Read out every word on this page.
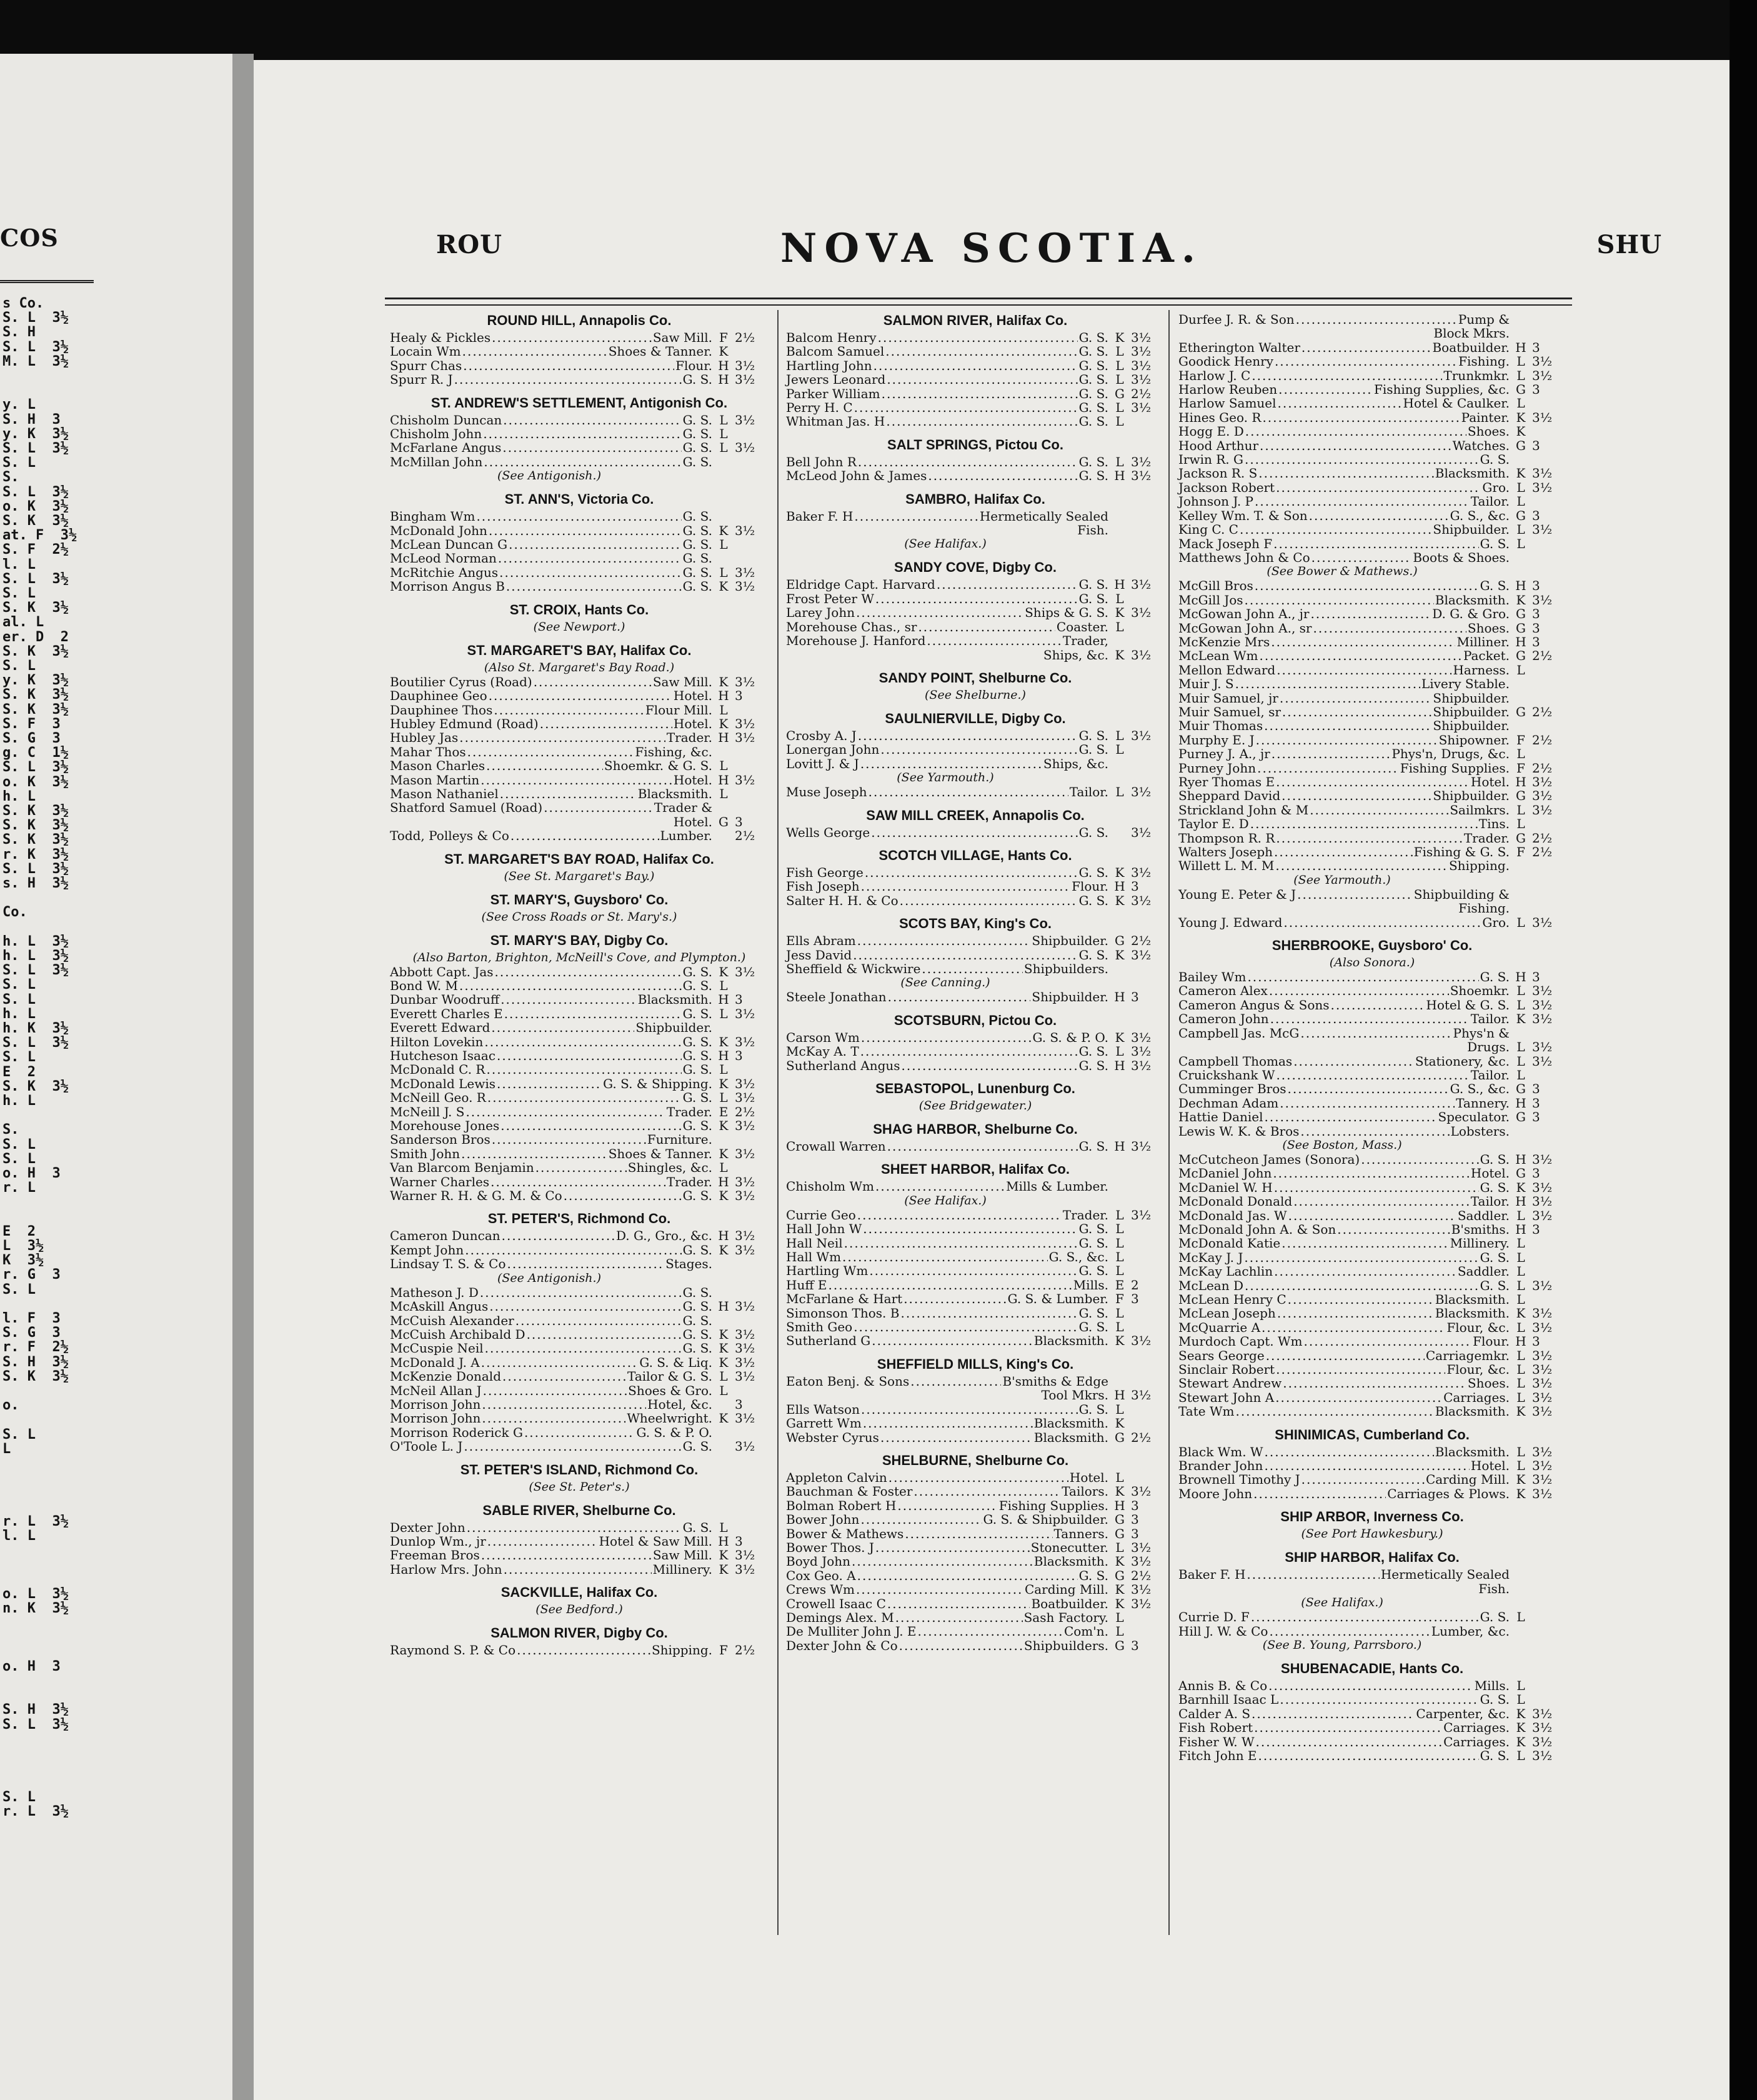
COS
s Co.
S. L  3½
S. H
S. L  3½
M. L  3½
y. L
S. H  3
y. K  3½
S. L  3½
S. L
S.
S. L  3½
o. K  3½
S. K  3½
at. F  3½
S. F  2½
l. L
S. L  3½
S. L
S. K  3½
al. L
er. D  2
S. K  3½
S. L
y. K  3½
S. K  3½
S. K  3½
S. F  3
S. G  3
g. C  1½
S. L  3½
o. K  3½
h. L
S. K  3½
S. K  3½
S. K  3½
r. K  3½
S. L  3½
s. H  3½
Co.
h. L  3½
h. L  3½
S. L  3½
S. L
S. L
h. L
h. K  3½
S. L  3½
S. L
E  2
S. K  3½
h. L
S.
S. L
S. L
o. H  3
r. L
E  2
L  3½
K  3½
r. G  3
S. L
l. F  3
S. G  3
r. F  2½
S. H  3½
S. K  3½
o.
S. L
L
r. L  3½
l. L
o. L  3½
n. K  3½
o. H  3
S. H  3½
S. L  3½
S. L
r. L  3½
ROU	NOVA SCOTIA.	SHU
ROUND HILL, Annapolis Co.
Healy & Pickles .....	Saw Mill. F 2½
Locain Wm .....	Shoes & Tanner. K
Spurr Chas .....	Flour. H 3½
Spurr R. J .....	G. S. H 3½
ST. ANDREW'S SETTLEMENT, Antigonish Co.
Chisholm Duncan .....	G. S. L 3½
Chisholm John .....	G. S. L
McFarlane Angus .....	G. S. L 3½
McMillan John .....	G. S.
(See Antigonish.)
ST. ANN'S, Victoria Co.
Bingham Wm .....	G. S.
McDonald John .....	G. S. K 3½
McLean Duncan G .....	G. S. L
McLeod Norman .....	G. S.
McRitchie Angus .....	G. S. L 3½
Morrison Angus B .....	G. S. K 3½
ST. CROIX, Hants Co.
(See Newport.)
ST. MARGARET'S BAY, Halifax Co.
(Also St. Margaret's Bay Road.)
Boutilier Cyrus (Road) .....	Saw Mill. K 3½
Dauphinee Geo .....	Hotel. H 3
Dauphinee Thos .....	Flour Mill. L
Hubley Edmund (Road) .....	Hotel. K 3½
Hubley Jas .....	Trader. H 3½
Mahar Thos .....	Fishing, &c.
Mason Charles .....	Shoemkr. & G. S. L
Mason Martin .....	Hotel. H 3½
Mason Nathaniel .....	Blacksmith. L
Shatford Samuel (Road) .....	Trader &
Hotel. G 3
Todd, Polleys & Co .....	Lumber. 2½
ST. MARGARET'S BAY ROAD, Halifax Co.
(See St. Margaret's Bay.)
ST. MARY'S, Guysboro' Co.
(See Cross Roads or St. Mary's.)
ST. MARY'S BAY, Digby Co.
(Also Barton, Brighton, McNeill's Cove, and Plympton.)
Abbott Capt. Jas .....	G. S. K 3½
Bond W. M .....	G. S. L
Dunbar Woodruff .....	Blacksmith. H 3
Everett Charles E .....	G. S. L 3½
Everett Edward .....	Shipbuilder.
Hilton Lovekin .....	G. S. K 3½
Hutcheson Isaac .....	G. S. H 3
McDonald C. R .....	G. S. L
McDonald Lewis .....	G. S. & Shipping. K 3½
McNeill Geo. R .....	G. S. L 3½
McNeill J. S .....	Trader. E 2½
Morehouse Jones .....	G. S. K 3½
Sanderson Bros .....	Furniture.
Smith John .....	Shoes & Tanner. K 3½
Van Blarcom Benjamin .....	Shingles, &c. L
Warner Charles .....	Trader. H 3½
Warner R. H. & G. M. & Co .....	G. S. K 3½
ST. PETER'S, Richmond Co.
Cameron Duncan .....	D. G., Gro., &c. H 3½
Kempt John .....	G. S. K 3½
Lindsay T. S. & Co .....	Stages.
(See Antigonish.)
Matheson J. D .....	G. S.
McAskill Angus .....	G. S. H 3½
McCuish Alexander .....	G. S.
McCuish Archibald D .....	G. S. K 3½
McCuspie Neil .....	G. S. K 3½
McDonald J. A .....	G. S. & Liq. K 3½
McKenzie Donald .....	Tailor & G. S. L 3½
McNeil Allan J .....	Shoes & Gro. L
Morrison John .....	Hotel, &c. 3
Morrison John .....	Wheelwright. K 3½
Morrison Roderick G .....	G. S. & P. O.
O'Toole L. J .....	G. S. 3½
ST. PETER'S ISLAND, Richmond Co.
(See St. Peter's.)
SABLE RIVER, Shelburne Co.
Dexter John .....	G. S. L
Dunlop Wm., jr .....	Hotel & Saw Mill. H 3
Freeman Bros .....	Saw Mill. K 3½
Harlow Mrs. John .....	Millinery. K 3½
SACKVILLE, Halifax Co.
(See Bedford.)
SALMON RIVER, Digby Co.
Raymond S. P. & Co .....	Shipping. F 2½
SALMON RIVER, Halifax Co.
Balcom Henry .....	G. S. K 3½
Balcom Samuel .....	G. S. L 3½
Hartling John .....	G. S. L 3½
Jewers Leonard .....	G. S. L 3½
Parker William .....	G. S. G 2½
Perry H. C .....	G. S. L 3½
Whitman Jas. H .....	G. S. L
SALT SPRINGS, Pictou Co.
Bell John R .....	G. S. L 3½
McLeod John & James .....	G. S. H 3½
SAMBRO, Halifax Co.
Baker F. H .....	Hermetically Sealed
Fish.
(See Halifax.)
SANDY COVE, Digby Co.
Eldridge Capt. Harvard .....	G. S. H 3½
Frost Peter W .....	G. S. L
Larey John .....	Ships & G. S. K 3½
Morehouse Chas., sr .....	Coaster. L
Morehouse J. Hanford .....	Trader,
Ships, &c. K 3½
SANDY POINT, Shelburne Co.
(See Shelburne.)
SAULNIERVILLE, Digby Co.
Crosby A. J .....	G. S. L 3½
Lonergan John .....	G. S. L
Lovitt J. & J .....	Ships, &c.
(See Yarmouth.)
Muse Joseph .....	Tailor. L 3½
SAW MILL CREEK, Annapolis Co.
Wells George .....	G. S. 3½
SCOTCH VILLAGE, Hants Co.
Fish George .....	G. S. K 3½
Fish Joseph .....	Flour. H 3
Salter H. H. & Co .....	G. S. K 3½
SCOTS BAY, King's Co.
Ells Abram .....	Shipbuilder. G 2½
Jess David .....	G. S. K 3½
Sheffield & Wickwire .....	Shipbuilders.
(See Canning.)
Steele Jonathan .....	Shipbuilder. H 3
SCOTSBURN, Pictou Co.
Carson Wm .....	G. S. & P. O. K 3½
McKay A. T .....	G. S. L 3½
Sutherland Angus .....	G. S. H 3½
SEBASTOPOL, Lunenburg Co.
(See Bridgewater.)
SHAG HARBOR, Shelburne Co.
Crowall Warren .....	G. S. H 3½
SHEET HARBOR, Halifax Co.
Chisholm Wm .....	Mills & Lumber.
(See Halifax.)
Currie Geo .....	Trader. L 3½
Hall John W .....	G. S. L
Hall Neil .....	G. S. L
Hall Wm .....	G. S., &c. L
Hartling Wm .....	G. S. L
Huff E .....	Mills. E 2
McFarlane & Hart .....	G. S. & Lumber. F 3
Simonson Thos. B .....	G. S. L
Smith Geo .....	G. S. L
Sutherland G .....	Blacksmith. K 3½
SHEFFIELD MILLS, King's Co.
Eaton Benj. & Sons .....	B'smiths & Edge
Tool Mkrs. H 3½
Ells Watson .....	G. S. L
Garrett Wm .....	Blacksmith. K
Webster Cyrus .....	Blacksmith. G 2½
SHELBURNE, Shelburne Co.
Appleton Calvin .....	Hotel. L
Bauchman & Foster .....	Tailors. K 3½
Bolman Robert H .....	Fishing Supplies. H 3
Bower John .....	G. S. & Shipbuilder. G 3
Bower & Mathews .....	Tanners. G 3
Bower Thos. J .....	Stonecutter. L 3½
Boyd John .....	Blacksmith. K 3½
Cox Geo. A .....	G. S. G 2½
Crews Wm .....	Carding Mill. K 3½
Crowell Isaac C .....	Boatbuilder. K 3½
Demings Alex. M .....	Sash Factory. L
De Mulliter John J. E .....	Com'n. L
Dexter John & Co .....	Shipbuilders. G 3
Durfee J. R. & Son .....	Pump &
Block Mkrs.
Etherington Walter .....	Boatbuilder. H 3
Goodick Henry .....	Fishing. L 3½
Harlow J. C .....	Trunkmkr. L 3½
Harlow Reuben .....	Fishing Supplies, &c. G 3
Harlow Samuel .....	Hotel & Caulker. L
Hines Geo. R .....	Painter. K 3½
Hogg E. D .....	Shoes. K
Hood Arthur .....	Watches. G 3
Irwin R. G .....	G. S.
Jackson R. S .....	Blacksmith. K 3½
Jackson Robert .....	Gro. L 3½
Johnson J. P .....	Tailor. L
Kelley Wm. T. & Son .....	G. S., &c. G 3
King C. C .....	Shipbuilder. L 3½
Mack Joseph F .....	G. S. L
Matthews John & Co .....	Boots & Shoes.
(See Bower & Mathews.)
McGill Bros .....	G. S. H 3
McGill Jos .....	Blacksmith. K 3½
McGowan John A., jr .....	D. G. & Gro. G 3
McGowan John A., sr .....	Shoes. G 3
McKenzie Mrs .....	Milliner. H 3
McLean Wm .....	Packet. G 2½
Mellon Edward .....	Harness. L
Muir J. S .....	Livery Stable.
Muir Samuel, jr .....	Shipbuilder.
Muir Samuel, sr .....	Shipbuilder. G 2½
Muir Thomas .....	Shipbuilder.
Murphy E. J .....	Shipowner. F 2½
Purney J. A., jr .....	Phys'n, Drugs, &c. L
Purney John .....	Fishing Supplies. F 2½
Ryer Thomas E .....	Hotel. H 3½
Sheppard David .....	Shipbuilder. G 3½
Strickland John & M .....	Sailmkrs. L 3½
Taylor E. D .....	Tins. L
Thompson R. R .....	Trader. G 2½
Walters Joseph .....	Fishing & G. S. F 2½
Willett L. M. M .....	Shipping.
(See Yarmouth.)
Young E. Peter & J .....	Shipbuilding &
Fishing.
Young J. Edward .....	Gro. L 3½
SHERBROOKE, Guysboro' Co.
(Also Sonora.)
Bailey Wm .....	G. S. H 3
Cameron Alex .....	Shoemkr. L 3½
Cameron Angus & Sons .....	Hotel & G. S. L 3½
Cameron John .....	Tailor. K 3½
Campbell Jas. McG .....	Phys'n &
Drugs. L 3½
Campbell Thomas .....	Stationery, &c. L 3½
Cruickshank W .....	Tailor. L
Cumminger Bros .....	G. S., &c. G 3
Dechman Adam .....	Tannery. H 3
Hattie Daniel .....	Speculator. G 3
Lewis W. K. & Bros .....	Lobsters.
(See Boston, Mass.)
McCutcheon James (Sonora) .....	G. S. H 3½
McDaniel John .....	Hotel. G 3
McDaniel W. H .....	G. S. K 3½
McDonald Donald .....	Tailor. H 3½
McDonald Jas. W .....	Saddler. L 3½
McDonald John A. & Son .....	B'smiths. H 3
McDonald Katie .....	Millinery. L
McKay J. J .....	G. S. L
McKay Lachlin .....	Saddler. L
McLean D .....	G. S. L 3½
McLean Henry C .....	Blacksmith. L
McLean Joseph .....	Blacksmith. K 3½
McQuarrie A .....	Flour, &c. L 3½
Murdoch Capt. Wm .....	Flour. H 3
Sears George .....	Carriagemkr. L 3½
Sinclair Robert .....	Flour, &c. L 3½
Stewart Andrew .....	Shoes. L 3½
Stewart John A .....	Carriages. L 3½
Tate Wm .....	Blacksmith. K 3½
SHINIMICAS, Cumberland Co.
Black Wm. W .....	Blacksmith. L 3½
Brander John .....	Hotel. L 3½
Brownell Timothy J .....	Carding Mill. K 3½
Moore John .....	Carriages & Plows. K 3½
SHIP ARBOR, Inverness Co.
(See Port Hawkesbury.)
SHIP HARBOR, Halifax Co.
Baker F. H .....	Hermetically Sealed
Fish.
(See Halifax.)
Currie D. F .....	G. S. L
Hill J. W. & Co .....	Lumber, &c.
(See B. Young, Parrsboro.)
SHUBENACADIE, Hants Co.
Annis B. & Co .....	Mills. L
Barnhill Isaac L .....	G. S. L
Calder A. S .....	Carpenter, &c. K 3½
Fish Robert .....	Carriages. K 3½
Fisher W. W .....	Carriages. K 3½
Fitch John E .....	G. S. L 3½
